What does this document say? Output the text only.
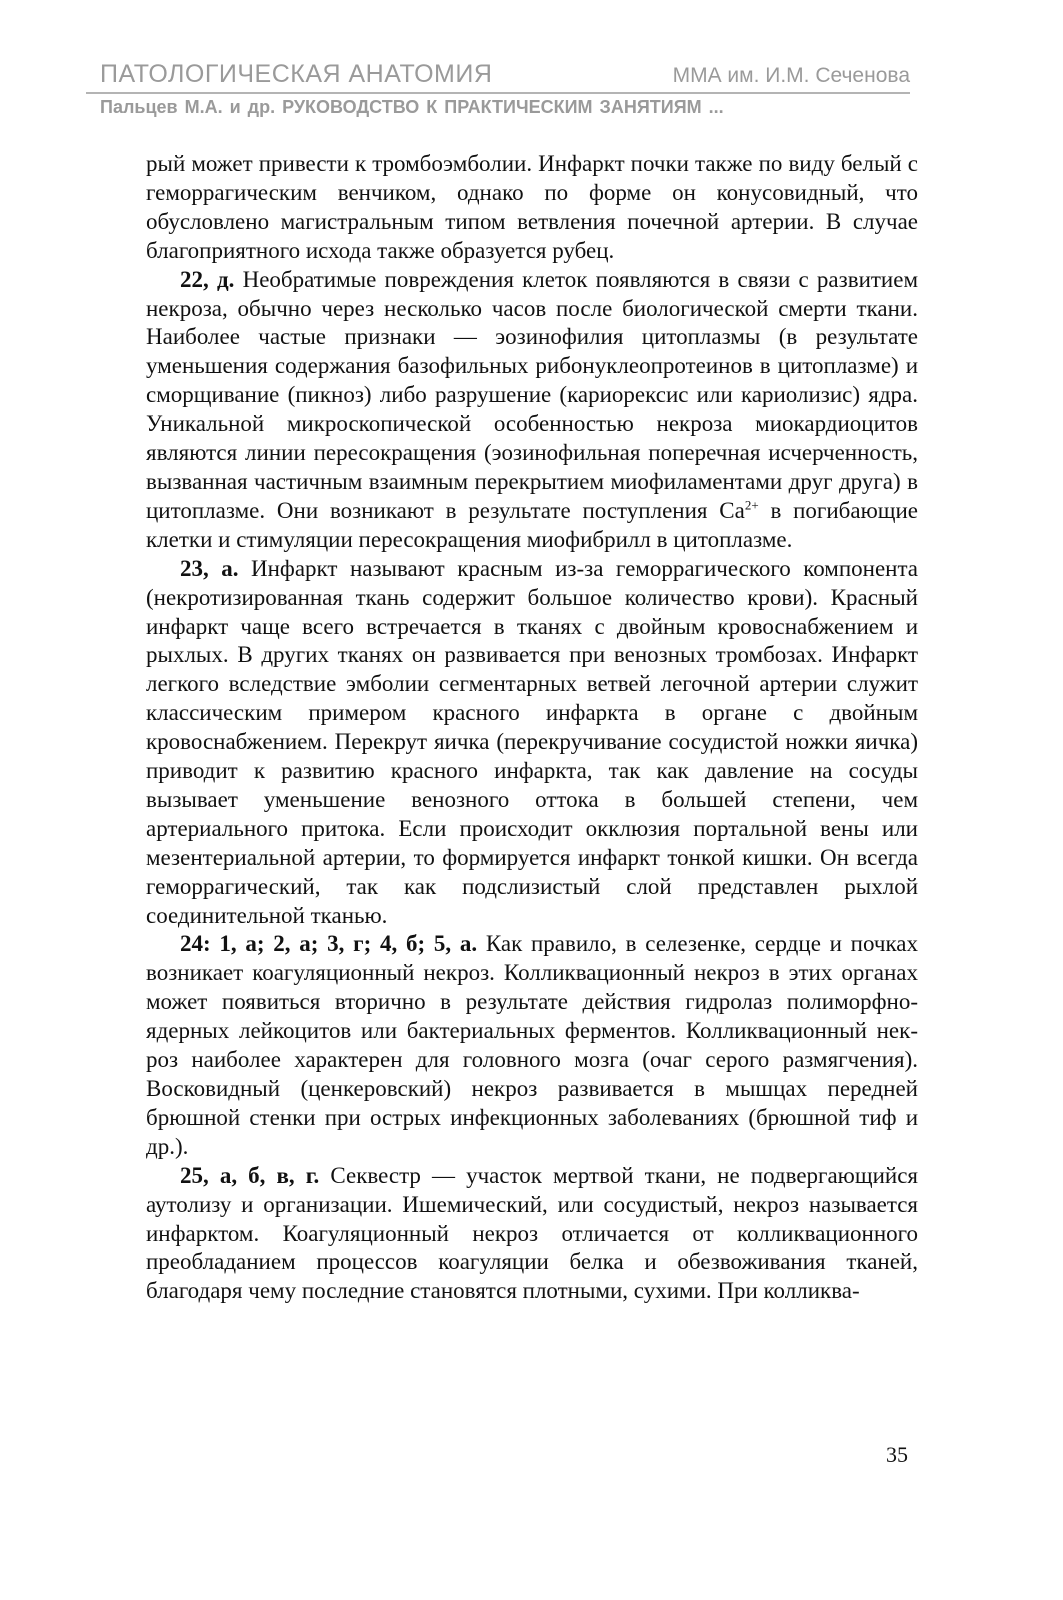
ПАТОЛОГИЧЕСКАЯ АНАТОМИЯ	ММА им. И.М. Сеченова
Пальцев М.А. и др. РУКОВОДСТВО К ПРАКТИЧЕСКИМ ЗАНЯТИЯМ ...

рый может привести к тромбоэмболии. Инфаркт почки также по виду белый с геморрагическим венчиком, однако по форме он конусовидный, что обусловлено магистральным типом ветвления почечной артерии. В случае благоприятного исхода также образуется рубец.

22, д. Необратимые повреждения клеток появляются в связи с развитием некроза, обычно через несколько часов после биологической смерти ткани. Наиболее частые признаки — эозинофилия цитоплазмы (в результате уменьшения содержания базофильных рибонуклеопротеинов в цитоплазме) и сморщивание (пикноз) либо разрушение (кариорексис или кариолизис) ядра. Уникальной микроскопической особенностью некроза миокардиоцитов являются линии пересокращения (эозинофильная поперечная исчерченность, вызванная частичным взаимным перекрытием миофиламентами друг друга) в цитоплазме. Они возникают в результате поступления $Ca^{2+}$ в погибающие клетки и стимуляции пересокращения миофибрилл в цитоплазме.

23, а. Инфаркт называют красным из-за геморрагического компонента (некротизированная ткань содержит большое количество крови). Красный инфаркт чаще всего встречается в тканях с двойным кровоснабжением и рыхлых. В других тканях он развивается при венозных тромбозах. Инфаркт легкого вследствие эмболии сегментарных ветвей легочной артерии служит классическим примером красного инфаркта в органе с двойным кровоснабжением. Перекрут яичка (перекручивание сосудистой ножки яичка) приводит к развитию красного инфаркта, так как давление на сосуды вызывает уменьшение венозного оттока в большей степени, чем артериального притока. Если происходит окклюзия портальной вены или мезентериальной артерии, то формируется инфаркт тонкой кишки. Он всегда геморрагический, так как подслизистый слой представлен рыхлой соединительной тканью.

24: 1, а; 2, а; 3, г; 4, б; 5, а. Как правило, в селезенке, сердце и почках возникает коагуляционный некроз. Колликвационный некроз в этих органах может появиться вторично в результате действия гидролаз полиморфно-ядерных лейкоцитов или бактериальных ферментов. Колликвационный некроз наиболее характерен для головного мозга (очаг серого размягчения). Восковидный (ценкеровский) некроз развивается в мышцах передней брюшной стенки при острых инфекционных заболеваниях (брюшной тиф и др.).

25, а, б, в, г. Секвестр — участок мертвой ткани, не подвергающийся аутолизу и организации. Ишемический, или сосудистый, некроз называется инфарктом. Коагуляционный некроз отличается от колликвационного преобладанием процессов коагуляции белка и обезвоживания тканей, благодаря чему последние становятся плотными, сухими. При колликва-

35
